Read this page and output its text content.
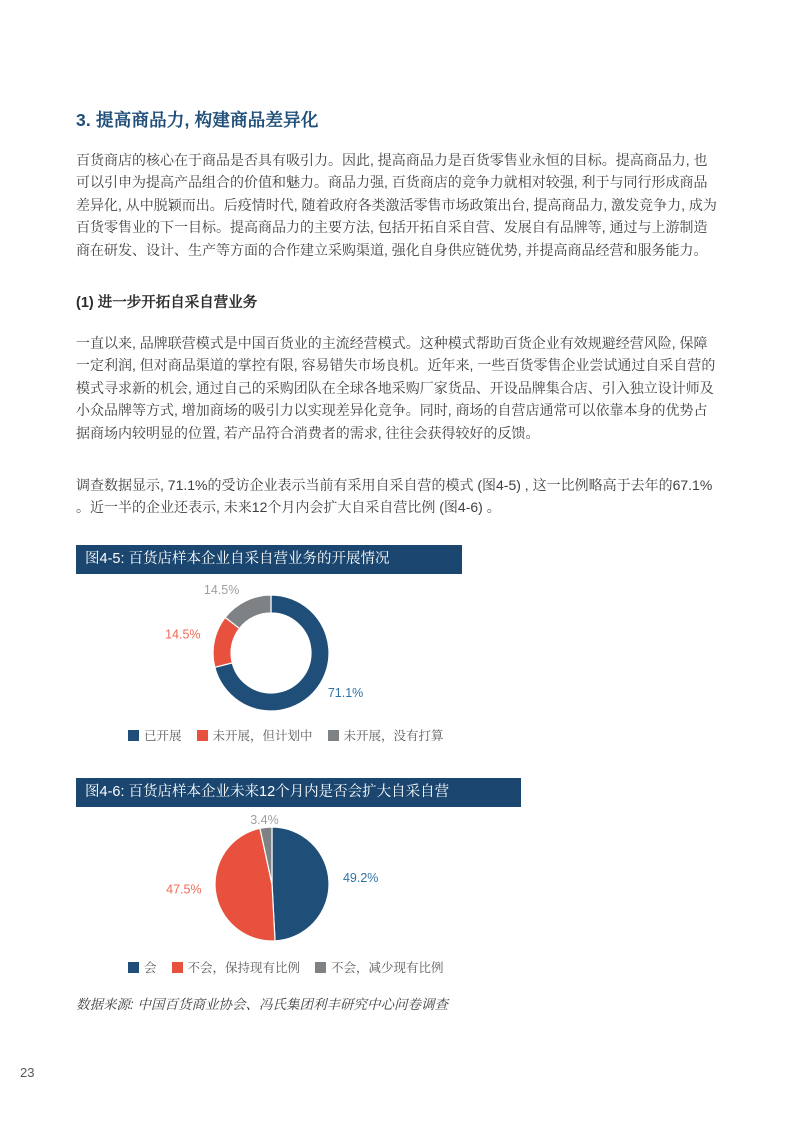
3. 提高商品力, 构建商品差异化

百货商店的核心在于商品是否具有吸引力。因此, 提高商品力是百货零售业永恒的目标。提高商品力, 也可以引申为提高产品组合的价值和魅力。商品力强, 百货商店的竞争力就相对较强, 利于与同行形成商品差异化, 从中脱颖而出。后疫情时代, 随着政府各类激活零售市场政策出台, 提高商品力, 激发竞争力, 成为百货零售业的下一目标。提高商品力的主要方法, 包括开拓自采自营、发展自有品牌等, 通过与上游制造商在研发、设计、生产等方面的合作建立采购渠道, 强化自身供应链优势, 并提高商品经营和服务能力。

(1) 进一步开拓自采自营业务

一直以来, 品牌联营模式是中国百货业的主流经营模式。这种模式帮助百货企业有效规避经营风险, 保障一定利润, 但对商品渠道的掌控有限, 容易错失市场良机。近年来, 一些百货零售企业尝试通过自采自营的模式寻求新的机会, 通过自己的采购团队在全球各地采购厂家货品、开设品牌集合店、引入独立设计师及小众品牌等方式, 增加商场的吸引力以实现差异化竞争。同时, 商场的自营店通常可以依靠本身的优势占据商场内较明显的位置, 若产品符合消费者的需求, 往往会获得较好的反馈。

调查数据显示, 71.1%的受访企业表示当前有采用自采自营的模式 (图4-5) , 这一比例略高于去年的67.1% 。近一半的企业还表示, 未来12个月内会扩大自采自营比例 (图4-6) 。

图4-5: 百货店样本企业自采自营业务的开展情况
71.1%
14.5%
14.5%
已开展 未开展，但计划中 未开展，没有打算
图4-6: 百货店样本企业未来12个月内是否会扩大自采自营
49.2%
47.5%
3.4%
会 不会，保持现有比例 不会，减少现有比例

数据来源: 中国百货商业协会、冯氏集团利丰研究中心问卷调查

23
